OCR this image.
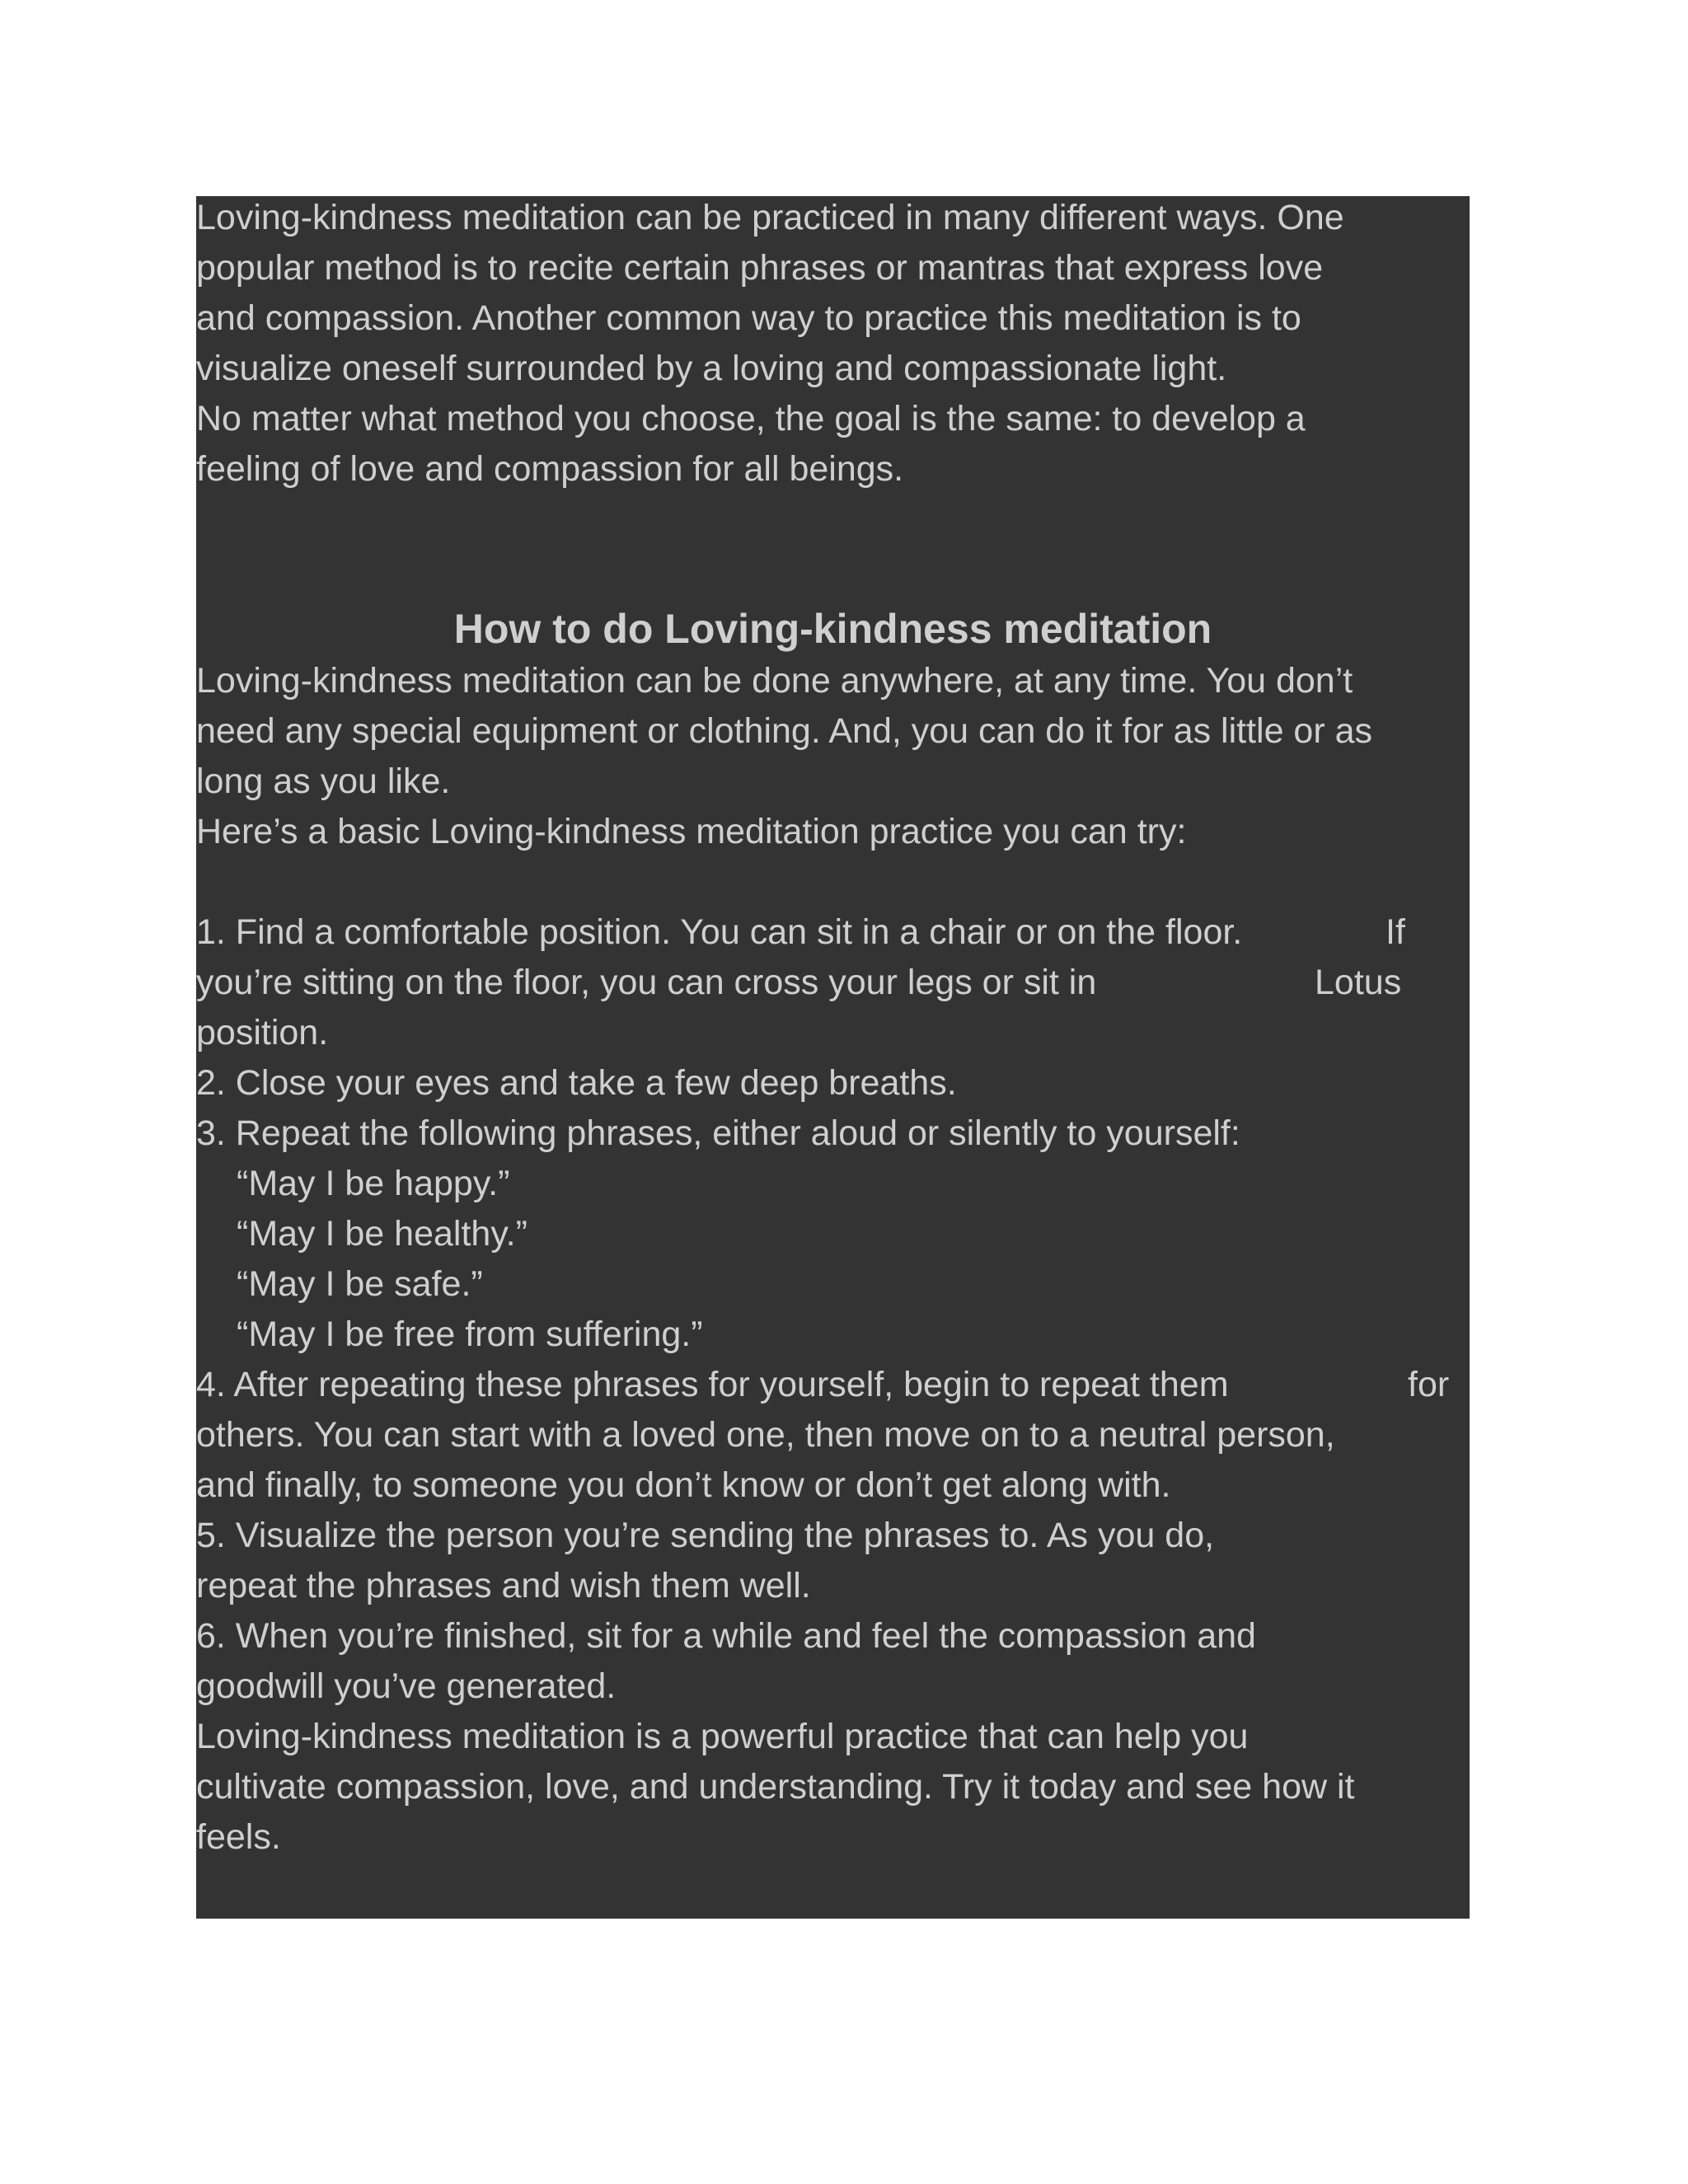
Loving-kindness meditation can be practiced in many different ways. One
popular method is to recite certain phrases or mantras that express love
and compassion. Another common way to practice this meditation is to
visualize oneself surrounded by a loving and compassionate light.
No matter what method you choose, the goal is the same: to develop a
feeling of love and compassion for all beings.
How to do Loving-kindness meditation
Loving-kindness meditation can be done anywhere, at any time. You don’t
need any special equipment or clothing. And, you can do it for as little or as
long as you like.
Here’s a basic Loving-kindness meditation practice you can try:
1. Find a comfortable position. You can sit in a chair or on the floor.	If
you’re sitting on the floor, you can cross your legs or sit in	Lotus
position.
2. Close your eyes and take a few deep breaths.
3. Repeat the following phrases, either aloud or silently to yourself:
“May I be happy.”
“May I be healthy.”
“May I be safe.”
“May I be free from suffering.”
4. After repeating these phrases for yourself, begin to repeat them	for
others. You can start with a loved one, then move on to a neutral person,
and finally, to someone you don’t know or don’t get along with.
5. Visualize the person you’re sending the phrases to. As you do,
repeat the phrases and wish them well.
6. When you’re finished, sit for a while and feel the compassion and
goodwill you’ve generated.
Loving-kindness meditation is a powerful practice that can help you
cultivate compassion, love, and understanding. Try it today and see how it
feels.
